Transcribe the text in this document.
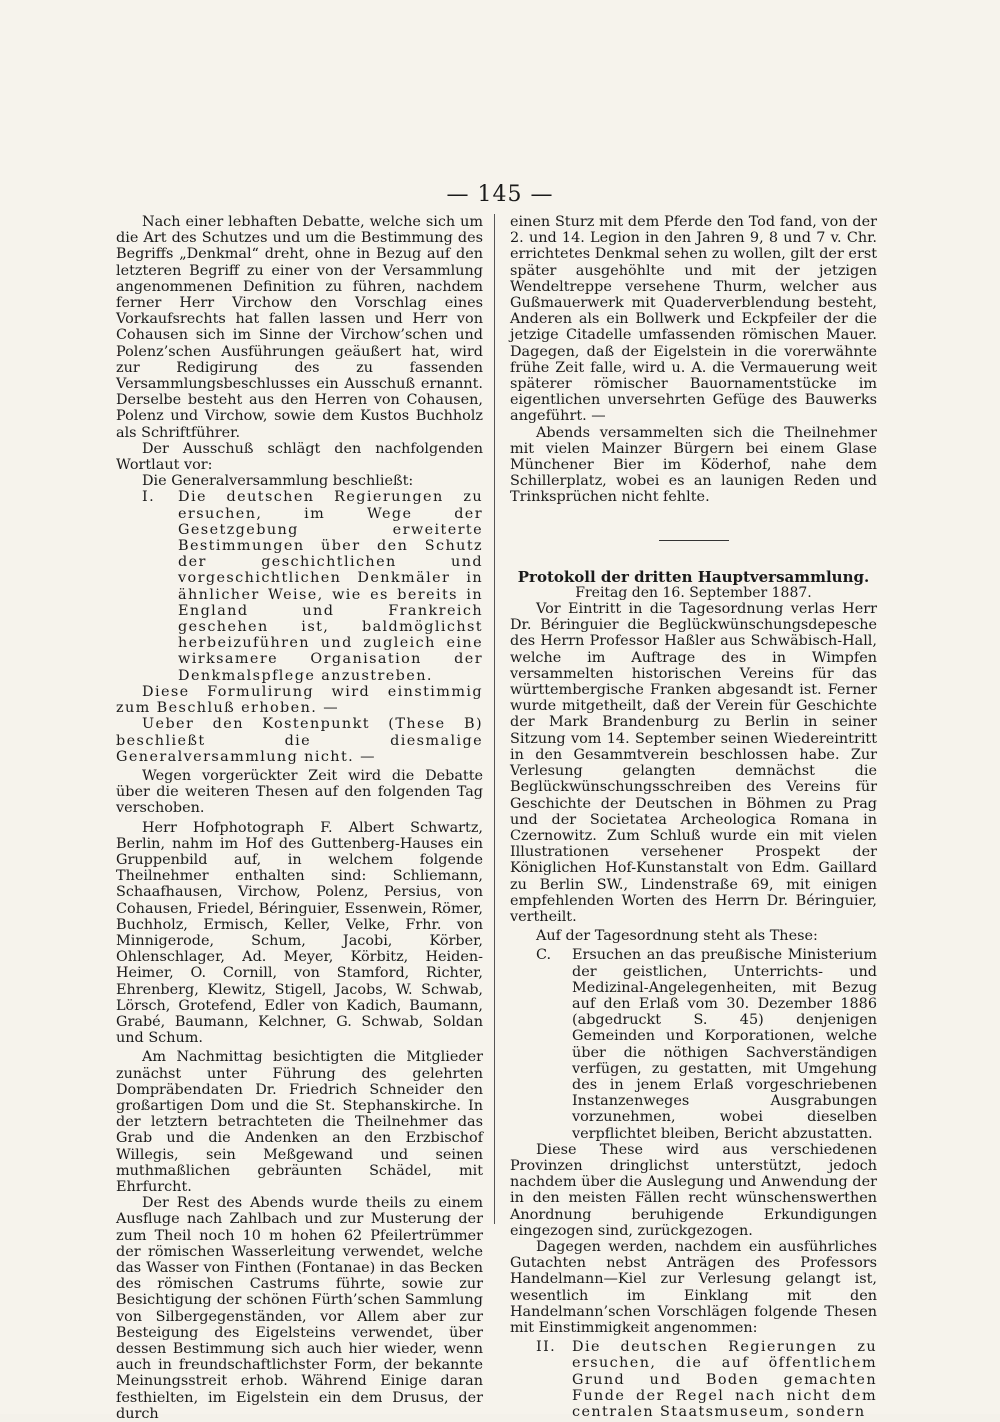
— 145 —

Nach einer lebhaften Debatte, welche sich um die Art des Schutzes und um die Bestimmung des Begriffs „Denkmal“ dreht, ohne in Bezug auf den letzteren Begriff zu einer von der Versammlung angenommenen Definition zu führen, nachdem ferner Herr Virchow den Vorschlag eines Vorkaufsrechts hat fallen lassen und Herr von Cohausen sich im Sinne der Virchow’schen und Polenz’schen Ausführungen geäußert hat, wird zur Redigirung des zu fassenden Versammlungsbeschlusses ein Ausschuß ernannt. Derselbe besteht aus den Herren von Cohausen, Polenz und Virchow, sowie dem Kustos Buchholz als Schriftführer.

Der Ausschuß schlägt den nachfolgenden Wortlaut vor:

Die Generalversammlung beschließt:

I. Die deutschen Regierungen zu ersuchen, im Wege der Gesetzgebung erweiterte Bestimmungen über den Schutz der geschichtlichen und vorgeschichtlichen Denkmäler in ähnlicher Weise, wie es bereits in England und Frankreich geschehen ist, baldmöglichst herbeizuführen und zugleich eine wirksamere Organisation der Denkmalspflege anzustreben.

Diese Formulirung wird einstimmig zum Beschluß erhoben. —

Ueber den Kostenpunkt (These B) beschließt die diesmalige Generalversammlung nicht. —

Wegen vorgerückter Zeit wird die Debatte über die weiteren Thesen auf den folgenden Tag verschoben.

Herr Hofphotograph F. Albert Schwartz, Berlin, nahm im Hof des Guttenberg-Hauses ein Gruppenbild auf, in welchem folgende Theilnehmer enthalten sind: Schliemann, Schaafhausen, Virchow, Polenz, Persius, von Cohausen, Friedel, Béringuier, Essenwein, Römer, Buchholz, Ermisch, Keller, Velke, Frhr. von Minnigerode, Schum, Jacobi, Körber, Ohlenschlager, Ad. Meyer, Körbitz, Heiden-Heimer, O. Cornill, von Stamford, Richter, Ehrenberg, Klewitz, Stigell, Jacobs, W. Schwab, Lörsch, Grotefend, Edler von Kadich, Baumann, Grabé, Baumann, Kelchner, G. Schwab, Soldan und Schum.

Am Nachmittag besichtigten die Mitglieder zunächst unter Führung des gelehrten Dompräbendaten Dr. Friedrich Schneider den großartigen Dom und die St. Stephanskirche. In der letztern betrachteten die Theilnehmer das Grab und die Andenken an den Erzbischof Willegis, sein Meßgewand und seinen muthmaßlichen gebräunten Schädel, mit Ehrfurcht.

Der Rest des Abends wurde theils zu einem Ausfluge nach Zahlbach und zur Musterung der zum Theil noch 10 m hohen 62 Pfeilertrümmer der römischen Wasserleitung verwendet, welche das Wasser von Finthen (Fontanae) in das Becken des römischen Castrums führte, sowie zur Besichtigung der schönen Fürth’schen Sammlung von Silbergegenständen, vor Allem aber zur Besteigung des Eigelsteins verwendet, über dessen Bestimmung sich auch hier wieder, wenn auch in freundschaftlichster Form, der bekannte Meinungsstreit erhob. Während Einige daran festhielten, im Eigelstein ein dem Drusus, der durch

einen Sturz mit dem Pferde den Tod fand, von der 2. und 14. Legion in den Jahren 9, 8 und 7 v. Chr. errichtetes Denkmal sehen zu wollen, gilt der erst später ausgehöhlte und mit der jetzigen Wendeltreppe versehene Thurm, welcher aus Gußmauerwerk mit Quaderverblendung besteht, Anderen als ein Bollwerk und Eckpfeiler der die jetzige Citadelle umfassenden römischen Mauer. Dagegen, daß der Eigelstein in die vorerwähnte frühe Zeit falle, wird u. A. die Vermauerung weit späterer römischer Bauornamentstücke im eigentlichen unversehrten Gefüge des Bauwerks angeführt. —

Abends versammelten sich die Theilnehmer mit vielen Mainzer Bürgern bei einem Glase Münchener Bier im Köderhof, nahe dem Schillerplatz, wobei es an launigen Reden und Trinksprüchen nicht fehlte.

Protokoll der dritten Hauptversammlung.

Freitag den 16. September 1887.

Vor Eintritt in die Tagesordnung verlas Herr Dr. Béringuier die Beglückwünschungsdepesche des Herrn Professor Haßler aus Schwäbisch-Hall, welche im Auftrage des in Wimpfen versammelten historischen Vereins für das württembergische Franken abgesandt ist. Ferner wurde mitgetheilt, daß der Verein für Geschichte der Mark Brandenburg zu Berlin in seiner Sitzung vom 14. September seinen Wiedereintritt in den Gesammtverein beschlossen habe. Zur Verlesung gelangten demnächst die Beglückwünschungsschreiben des Vereins für Geschichte der Deutschen in Böhmen zu Prag und der Societatea Archeologica Romana in Czernowitz. Zum Schluß wurde ein mit vielen Illustrationen versehener Prospekt der Königlichen Hof-Kunstanstalt von Edm. Gaillard zu Berlin SW., Lindenstraße 69, mit einigen empfehlenden Worten des Herrn Dr. Béringuier, vertheilt.

Auf der Tagesordnung steht als These:

C. Ersuchen an das preußische Ministerium der geistlichen, Unterrichts- und Medizinal-Angelegenheiten, mit Bezug auf den Erlaß vom 30. Dezember 1886 (abgedruckt S. 45) denjenigen Gemeinden und Korporationen, welche über die nöthigen Sachverständigen verfügen, zu gestatten, mit Umgehung des in jenem Erlaß vorgeschriebenen Instanzenweges Ausgrabungen vorzunehmen, wobei dieselben verpflichtet bleiben, Bericht abzustatten.

Diese These wird aus verschiedenen Provinzen dringlichst unterstützt, jedoch nachdem über die Auslegung und Anwendung der in den meisten Fällen recht wünschenswerthen Anordnung beruhigende Erkundigungen eingezogen sind, zurückgezogen.

Dagegen werden, nachdem ein ausführliches Gutachten nebst Anträgen des Professors Handelmann—Kiel zur Verlesung gelangt ist, wesentlich im Einklang mit den Handelmann’schen Vorschlägen folgende Thesen mit Einstimmigkeit angenommen:

II. Die deutschen Regierungen zu ersuchen, die auf öffentlichem Grund und Boden gemachten Funde der Regel nach nicht dem centralen Staatsmuseum, sondern
